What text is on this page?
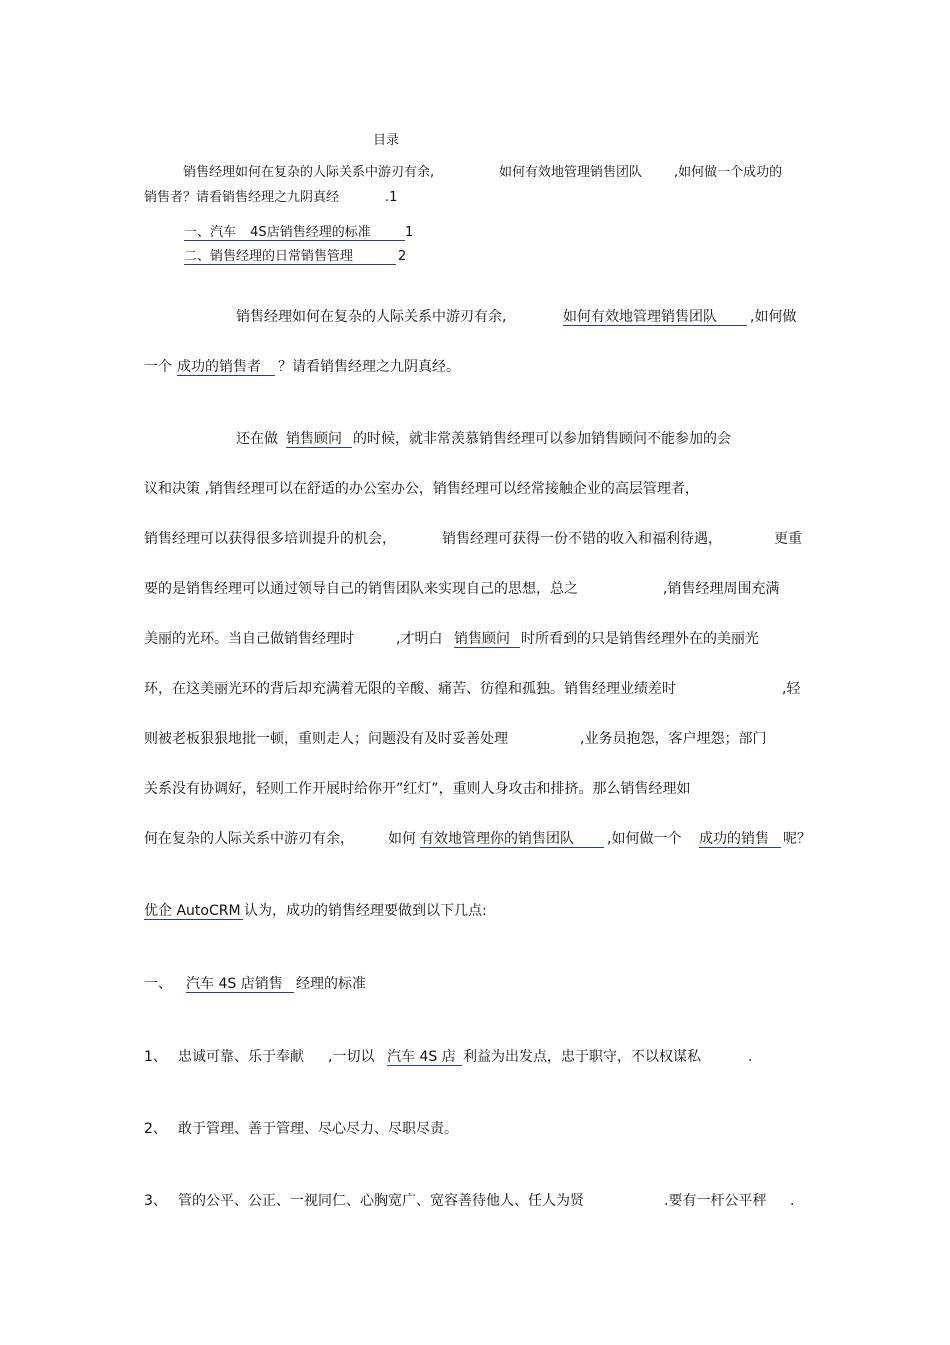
目录
销售经理如何在复杂的人际关系中游刃有余,	如何有效地管理销售团队 ,如何做一个成功的
销售者？请看销售经理之九阴真经	.1
一、汽车 4S店销售经理的标准	1
二、销售经理的日常销售管理	2
销售经理如何在复杂的人际关系中游刃有余,	如何有效地管理销售团队	,如何做
一个 成功的销售者	？请看销售经理之九阴真经。
还在做 销售顾问 的时候，就非常羡慕销售经理可以参加销售顾问不能参加的会
议和决策 ,销售经理可以在舒适的办公室办公，销售经理可以经常接触企业的高层管理者，
销售经理可以获得很多培训提升的机会，	销售经理可获得一份不错的收入和福利待遇，	更重
要的是销售经理可以通过领导自己的销售团队来实现自己的思想，总之	,销售经理周围充满
美丽的光环。当自己做销售经理时	,才明白 销售顾问 时所看到的只是销售经理外在的美丽光
环，在这美丽光环的背后却充满着无限的辛酸、痛苦、彷徨和孤独。销售经理业绩差时	,轻
则被老板狠狠地批一顿，重则走人；问题没有及时妥善处理	,业务员抱怨，客户埋怨；部门
关系没有协调好，轻则工作开展时给你开”红灯”，重则人身攻击和排挤。那么销售经理如
何在复杂的人际关系中游刃有余， 如何 有效地管理你的销售团队	,如何做一个 成功的销售	呢？
优企 AutoCRM 认为，成功的销售经理要做到以下几点:
一、 汽车 4S 店销售 经理的标准
1、 忠诚可靠、乐于奉献 ,一切以 汽车 4S 店 利益为出发点，忠于职守，不以权谋私	.
2、 敢于管理、善于管理、尽心尽力、尽职尽责。
3、 管的公平、公正、一视同仁、心胸宽广、宽容善待他人、任人为贤	.要有一杆公平秤 .
